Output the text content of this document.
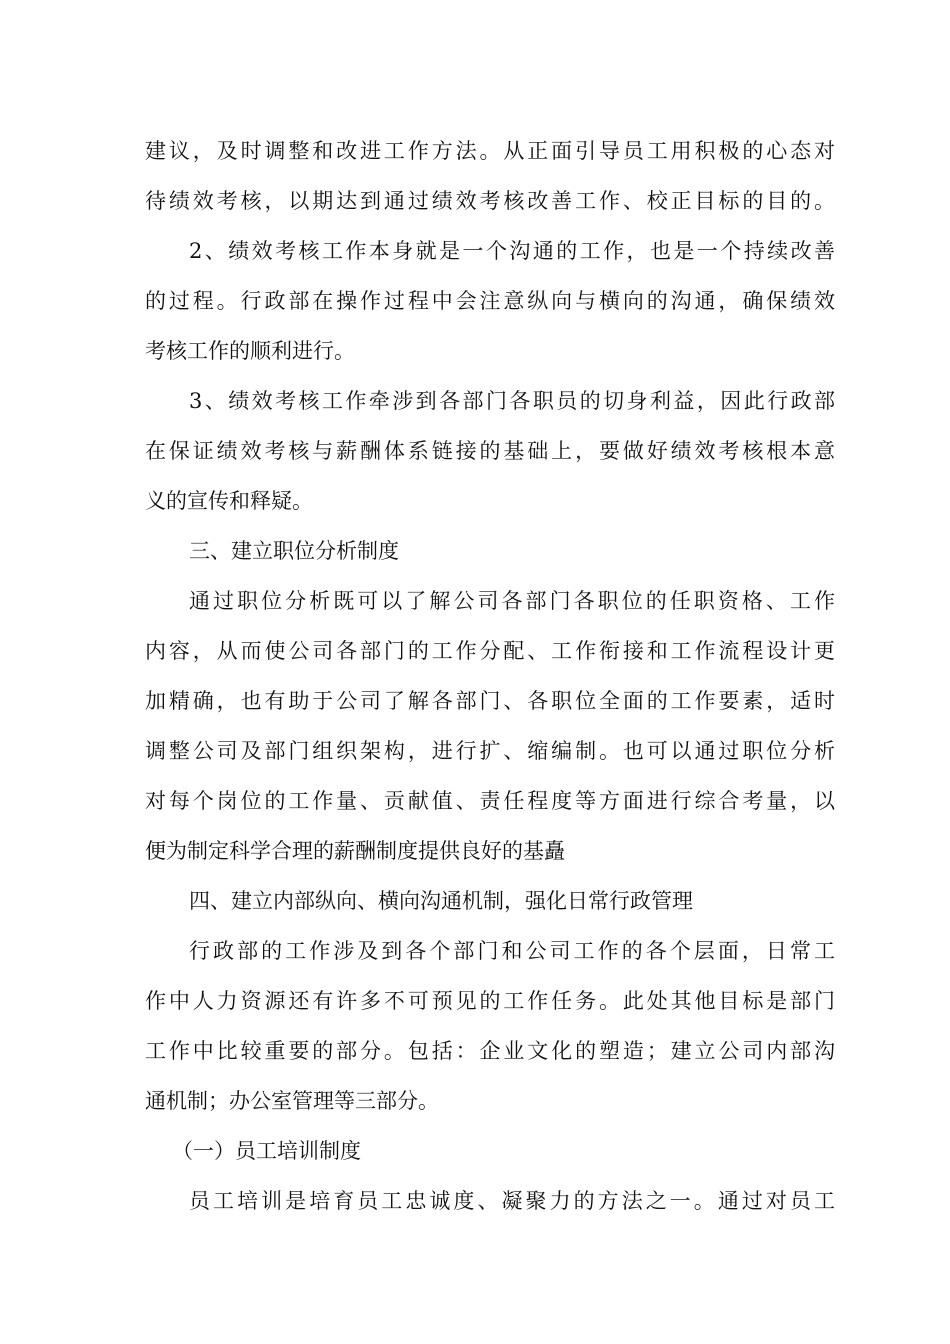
建议，及时调整和改进工作方法。从正面引导员工用积极的心态对
待绩效考核，以期达到通过绩效考核改善工作、校正目标的目的。
2、绩效考核工作本身就是一个沟通的工作，也是一个持续改善
的过程。行政部在操作过程中会注意纵向与横向的沟通，确保绩效
考核工作的顺利进行。
3、绩效考核工作牵涉到各部门各职员的切身利益，因此行政部
在保证绩效考核与薪酬体系链接的基础上，要做好绩效考核根本意
义的宣传和释疑。
三、建立职位分析制度
通过职位分析既可以了解公司各部门各职位的任职资格、工作
内容，从而使公司各部门的工作分配、工作衔接和工作流程设计更
加精确，也有助于公司了解各部门、各职位全面的工作要素，适时
调整公司及部门组织架构，进行扩、缩编制。也可以通过职位分析
对每个岗位的工作量、贡献值、责任程度等方面进行综合考量，以
便为制定科学合理的薪酬制度提供良好的基矗
四、建立内部纵向、横向沟通机制，强化日常行政管理
行政部的工作涉及到各个部门和公司工作的各个层面，日常工
作中人力资源还有许多不可预见的工作任务。此处其他目标是部门
工作中比较重要的部分。包括：企业文化的塑造；建立公司内部沟
通机制；办公室管理等三部分。
（一）员工培训制度
员工培训是培育员工忠诚度、凝聚力的方法之一。通过对员工
